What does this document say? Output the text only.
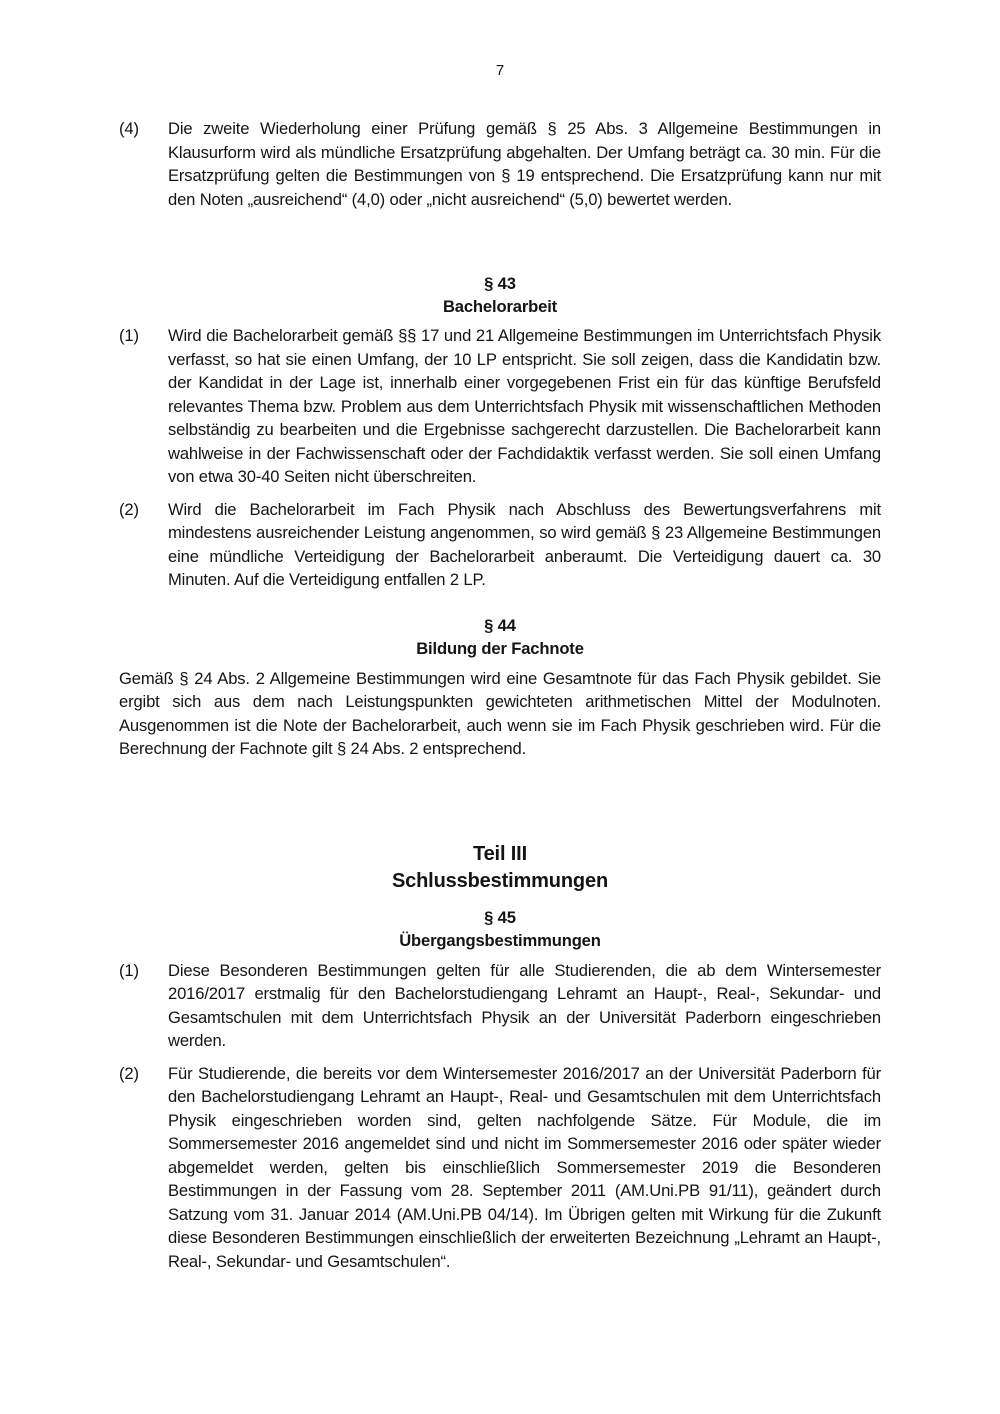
7
(4)	Die zweite Wiederholung einer Prüfung gemäß § 25 Abs. 3 Allgemeine Bestimmungen in Klausurform wird als mündliche Ersatzprüfung abgehalten. Der Umfang beträgt ca. 30 min. Für die Ersatzprüfung gelten die Bestimmungen von § 19 entsprechend. Die Ersatzprüfung kann nur mit den Noten „ausreichend“ (4,0) oder „nicht ausreichend“ (5,0) bewertet werden.
§ 43
Bachelorarbeit
(1)	Wird die Bachelorarbeit gemäß §§ 17 und 21 Allgemeine Bestimmungen im Unterrichtsfach Physik verfasst, so hat sie einen Umfang, der 10 LP entspricht. Sie soll zeigen, dass die Kandidatin bzw. der Kandidat in der Lage ist, innerhalb einer vorgegebenen Frist ein für das künftige Berufsfeld relevantes Thema bzw. Problem aus dem Unterrichtsfach Physik mit wissenschaftlichen Methoden selbständig zu bearbeiten und die Ergebnisse sachgerecht darzustellen. Die Bachelorarbeit kann wahlweise in der Fachwissenschaft oder der Fachdidaktik verfasst werden. Sie soll einen Umfang von etwa 30-40 Seiten nicht überschreiten.
(2)	Wird die Bachelorarbeit im Fach Physik nach Abschluss des Bewertungsverfahrens mit mindestens ausreichender Leistung angenommen, so wird gemäß § 23 Allgemeine Bestimmungen eine mündliche Verteidigung der Bachelorarbeit anberaumt. Die Verteidigung dauert ca. 30 Minuten. Auf die Verteidigung entfallen 2 LP.
§ 44
Bildung der Fachnote

Gemäß § 24 Abs. 2 Allgemeine Bestimmungen wird eine Gesamtnote für das Fach Physik gebildet. Sie ergibt sich aus dem nach Leistungspunkten gewichteten arithmetischen Mittel der Modulnoten. Ausgenommen ist die Note der Bachelorarbeit, auch wenn sie im Fach Physik geschrieben wird. Für die Berechnung der Fachnote gilt § 24 Abs. 2 entsprechend.

Teil III
Schlussbestimmungen
§ 45
Übergangsbestimmungen
(1)	Diese Besonderen Bestimmungen gelten für alle Studierenden, die ab dem Wintersemester 2016/2017 erstmalig für den Bachelorstudiengang Lehramt an Haupt-, Real-, Sekundar- und Gesamtschulen mit dem Unterrichtsfach Physik an der Universität Paderborn eingeschrieben werden.
(2)	Für Studierende, die bereits vor dem Wintersemester 2016/2017 an der Universität Paderborn für den Bachelorstudiengang Lehramt an Haupt-, Real- und Gesamtschulen mit dem Unterrichtsfach Physik eingeschrieben worden sind, gelten nachfolgende Sätze. Für Module, die im Sommersemester 2016 angemeldet sind und nicht im Sommersemester 2016 oder später wieder abgemeldet werden, gelten bis einschließlich Sommersemester 2019 die Besonderen Bestimmungen in der Fassung vom 28. September 2011 (AM.Uni.PB 91/11), geändert durch Satzung vom 31. Januar 2014 (AM.Uni.PB 04/14). Im Übrigen gelten mit Wirkung für die Zukunft diese Besonderen Bestimmungen einschließlich der erweiterten Bezeichnung „Lehramt an Haupt-, Real-, Sekundar- und Gesamtschulen“.
